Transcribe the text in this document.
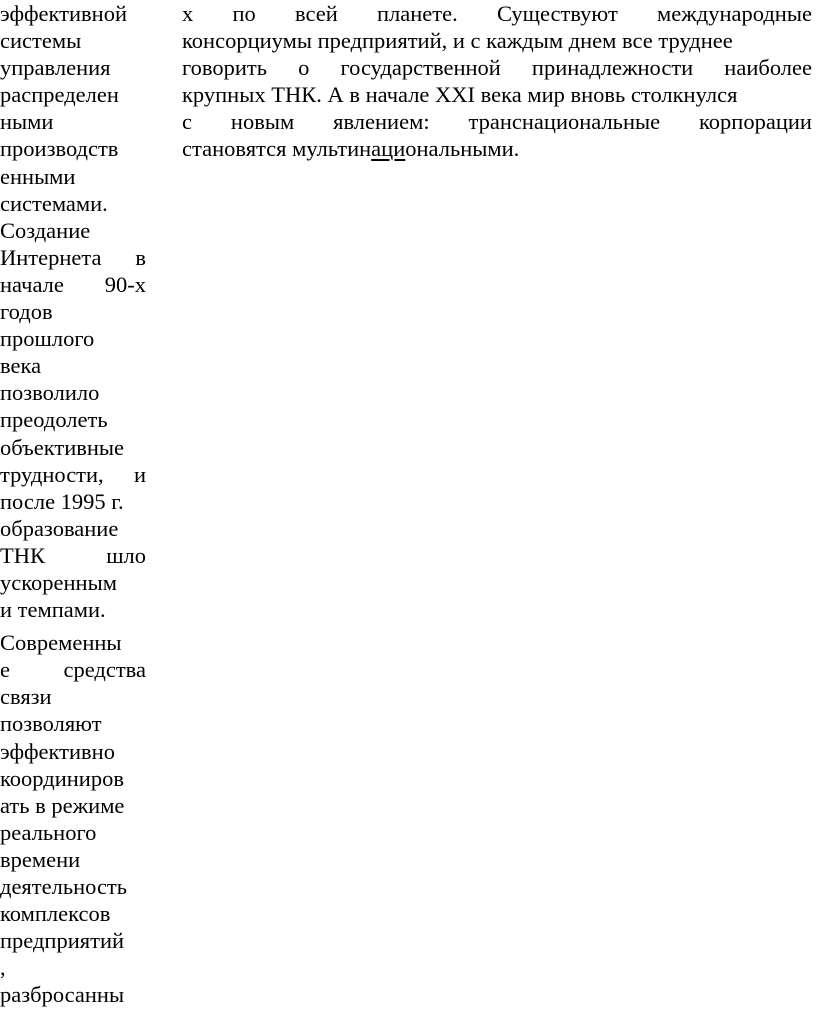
эффективной
системы
управления
распределен
ными
производств
енными
системами.
Создание
Интернета в
начале 90-х
годов
прошлого
века
позволило
преодолеть
объективные
трудности, и
после 1995 г.
образование
ТНК	шло
ускоренным
и темпами.
Современны
е средства
связи
позволяют
эффективно
координиров
ать в режиме
реального
времени
деятельность
комплексов
предприятий
,
разбросанны
х по всей планете. Существуют международные
консорциумы предприятий, и с каждым днем все труднее
говорить о государственной принадлежности наиболее
крупных ТНК. А в начале XXI века мир вновь столкнулся
с новым явлением: транснациональные корпорации
становятся мультинациональными.
